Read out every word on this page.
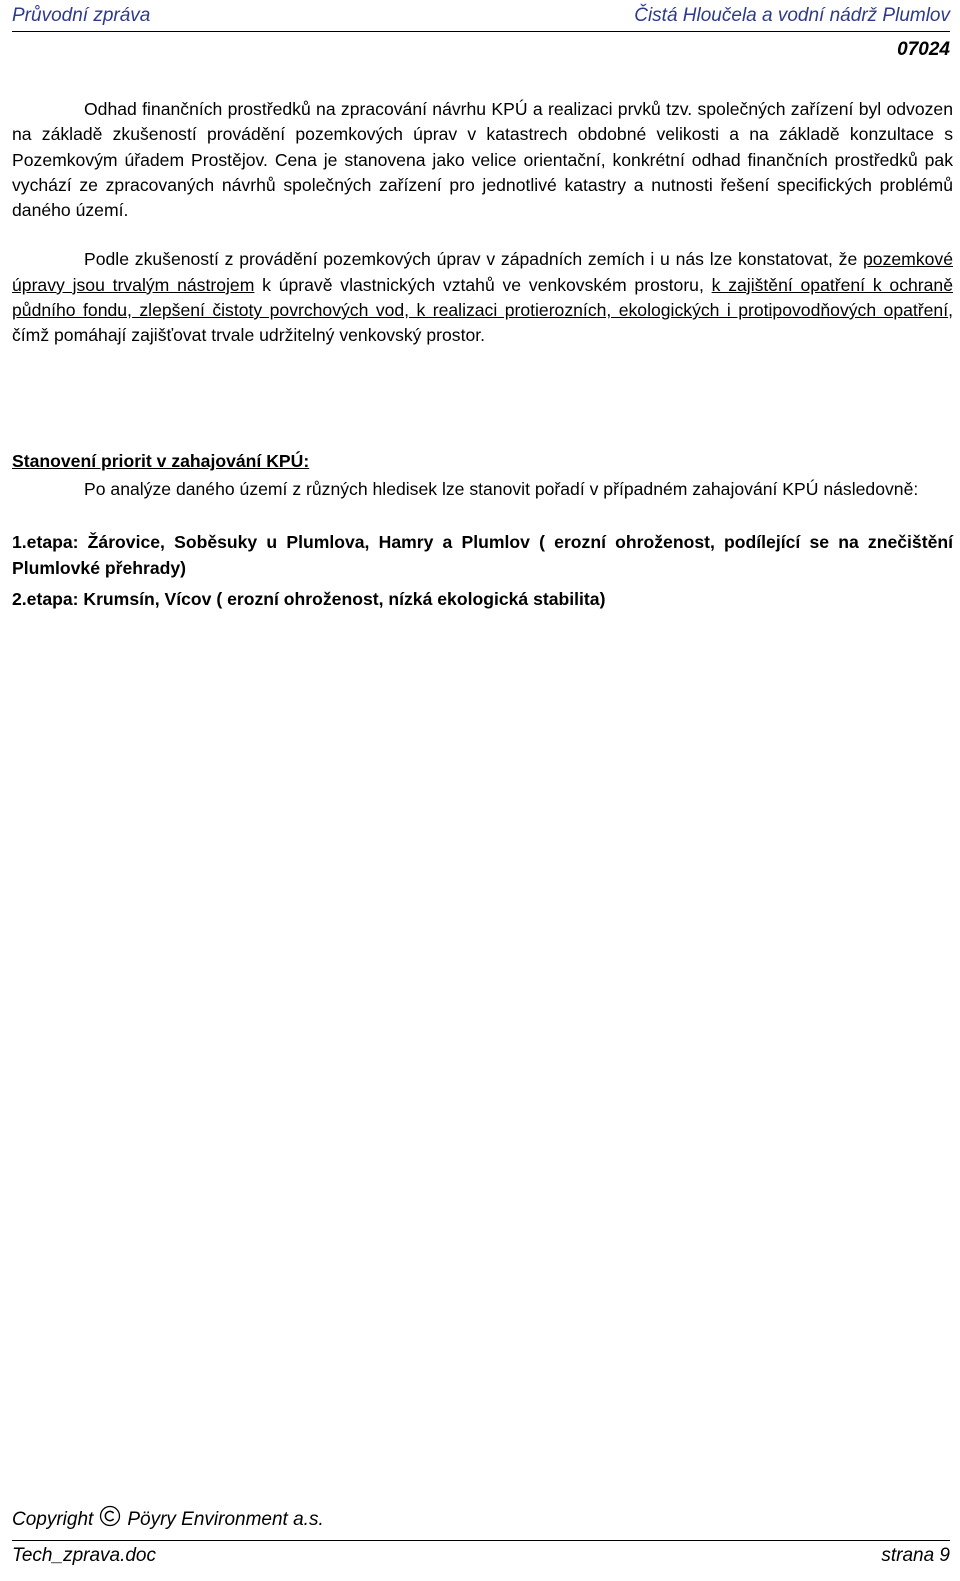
Průvodní zpráva	Čistá Hloučela a vodní nádrž Plumlov
07024

Odhad finančních prostředků na zpracování návrhu KPÚ a realizaci prvků tzv. společných zařízení byl odvozen na základě zkušeností provádění pozemkových úprav v katastrech obdobné velikosti a na základě konzultace s Pozemkovým úřadem Prostějov. Cena je stanovena jako velice orientační, konkrétní odhad finančních prostředků pak vychází ze zpracovaných návrhů společných zařízení pro jednotlivé katastry a nutnosti řešení specifických problémů daného území.

Podle zkušeností z provádění pozemkových úprav v západních zemích i u nás lze konstatovat, že pozemkové úpravy jsou trvalým nástrojem k úpravě vlastnických vztahů ve venkovském prostoru, k zajištění opatření k ochraně půdního fondu, zlepšení čistoty povrchových vod, k realizaci protierozních, ekologických i protipovodňových opatření, čímž pomáhají zajišťovat trvale udržitelný venkovský prostor.

Stanovení priorit v zahajování KPÚ:

Po analýze daného území z různých hledisek lze stanovit pořadí v případném zahajování KPÚ následovně:

1.etapa: Žárovice, Soběsuky u Plumlova, Hamry a Plumlov ( erozní ohroženost, podílející se na znečištění Plumlovké přehrady)

2.etapa: Krumsín, Vícov ( erozní ohroženost, nízká ekologická stabilita)

Copyright Pöyry Environment a.s.
Tech_zprava.doc	strana 9
